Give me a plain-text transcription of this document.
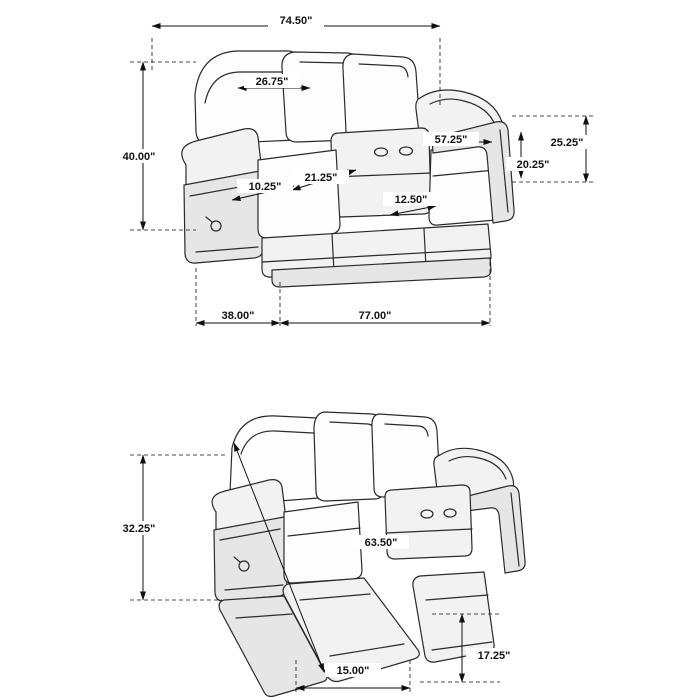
74.50"
26.75"
40.00"
25.25"
20.25"
57.25"
21.25"
10.25"
12.50"
38.00"	77.00"
32.25"
63.50"
17.25"
15.00"
